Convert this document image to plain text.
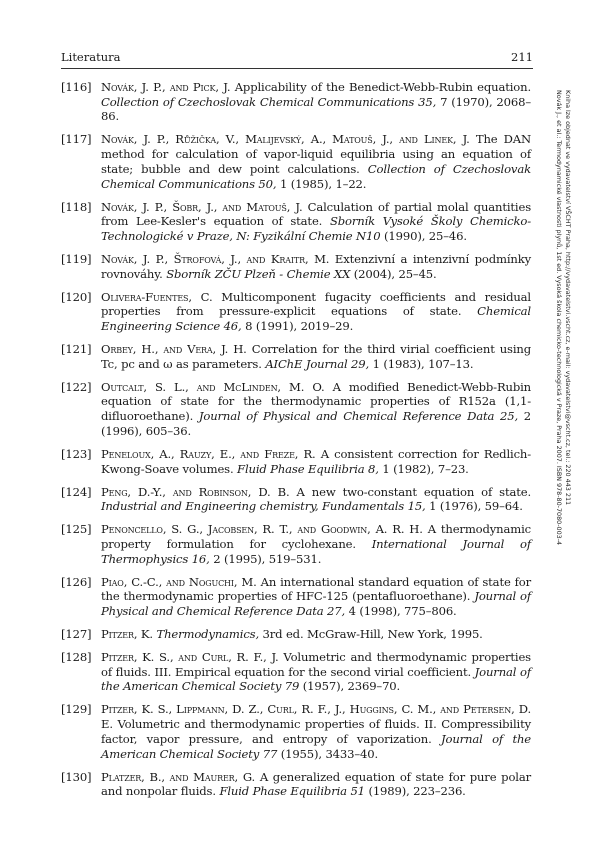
Literatura	211
[116] Novák, J. P., and Pick, J. Applicability of the Benedict-Webb-Rubin equation. Collection of Czechoslovak Chemical Communications 35, 7 (1970), 2068–86.
[117] Novák, J. P., Růžička, V., Malijevský, A., Matouš, J., and Linek, J. The DAN method for calculation of vapor-liquid equilibria using an equation of state; bubble and dew point calculations. Collection of Czechoslovak Chemical Communications 50, 1 (1985), 1–22.
[118] Novák, J. P., Šobr, J., and Matouš, J. Calculation of partial molal quantities from Lee-Kesler's equation of state. Sborník Vysoké Školy Chemicko-Technologické v Praze, N: Fyzikální Chemie N10 (1990), 25–46.
[119] Novák, J. P., Štrofová, J., and Kraitr, M. Extenzivní a intenzivní podmínky rovnováhy. Sborník ZČU Plzeň - Chemie XX (2004), 25–45.
[120] Olivera-Fuentes, C. Multicomponent fugacity coefficients and residual properties from pressure-explicit equations of state. Chemical Engineering Science 46, 8 (1991), 2019–29.
[121] Orbey, H., and Vera, J. H. Correlation for the third virial coefficient using Tc, pc and ω as parameters. AIChE Journal 29, 1 (1983), 107–13.
[122] Outcalt, S. L., and McLinden, M. O. A modified Benedict-Webb-Rubin equation of state for the thermodynamic properties of R152a (1,1-difluoroethane). Journal of Physical and Chemical Reference Data 25, 2 (1996), 605–36.
[123] Peneloux, A., Rauzy, E., and Freze, R. A consistent correction for Redlich-Kwong-Soave volumes. Fluid Phase Equilibria 8, 1 (1982), 7–23.
[124] Peng, D.-Y., and Robinson, D. B. A new two-constant equation of state. Industrial and Engineering chemistry, Fundamentals 15, 1 (1976), 59–64.
[125] Penoncello, S. G., Jacobsen, R. T., and Goodwin, A. R. H. A thermodynamic property formulation for cyclohexane. International Journal of Thermophysics 16, 2 (1995), 519–531.
[126] Piao, C.-C., and Noguchi, M. An international standard equation of state for the thermodynamic properties of HFC-125 (pentafluoroethane). Journal of Physical and Chemical Reference Data 27, 4 (1998), 775–806.
[127] Pitzer, K. Thermodynamics, 3rd ed. McGraw-Hill, New York, 1995.
[128] Pitzer, K. S., and Curl, R. F., J. Volumetric and thermodynamic properties of fluids. III. Empirical equation for the second virial coefficient. Journal of the American Chemical Society 79 (1957), 2369–70.
[129] Pitzer, K. S., Lippmann, D. Z., Curl, R. F., J., Huggins, C. M., and Petersen, D. E. Volumetric and thermodynamic properties of fluids. II. Compressibility factor, vapor pressure, and entropy of vaporization. Journal of the American Chemical Society 77 (1955), 3433–40.
[130] Platzer, B., and Maurer, G. A generalized equation of state for pure polar and nonpolar fluids. Fluid Phase Equilibria 51 (1989), 223–236.
Kniha lze objednat ve vydavatelství VŠCHT Praha, http://vydavatelstvi.vscht.cz, e-mail: vydavatelstvi@vscht.cz, tel.: 220 443 211
Novák J., et al.: Termodynamické vlastnosti plynů, 1st ed. Vysoká škola chemicko-technologická v Praze, Praha 2007. ISBN 978-80-7080-003-4
